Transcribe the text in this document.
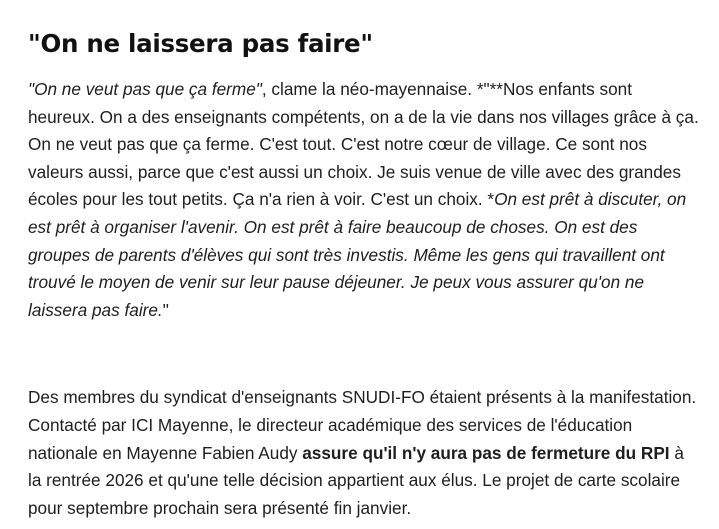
"On ne laissera pas faire"

"On ne veut pas que ça ferme", clame la néo-mayennaise. *"**Nos enfants sont heureux. On a des enseignants compétents, on a de la vie dans nos villages grâce à ça. On ne veut pas que ça ferme. C'est tout. C'est notre cœur de village. Ce sont nos valeurs aussi, parce que c'est aussi un choix. Je suis venue de ville avec des grandes écoles pour les tout petits. Ça n'a rien à voir. C'est un choix. *On est prêt à discuter, on est prêt à organiser l'avenir. On est prêt à faire beaucoup de choses. On est des groupes de parents d'élèves qui sont très investis. Même les gens qui travaillent ont trouvé le moyen de venir sur leur pause déjeuner. Je peux vous assurer qu'on ne laissera pas faire."

Des membres du syndicat d'enseignants SNUDI-FO étaient présents à la manifestation. Contacté par ICI Mayenne, le directeur académique des services de l'éducation nationale en Mayenne Fabien Audy assure qu'il n'y aura pas de fermeture du RPI à la rentrée 2026 et qu'une telle décision appartient aux élus. Le projet de carte scolaire pour septembre prochain sera présenté fin janvier.
